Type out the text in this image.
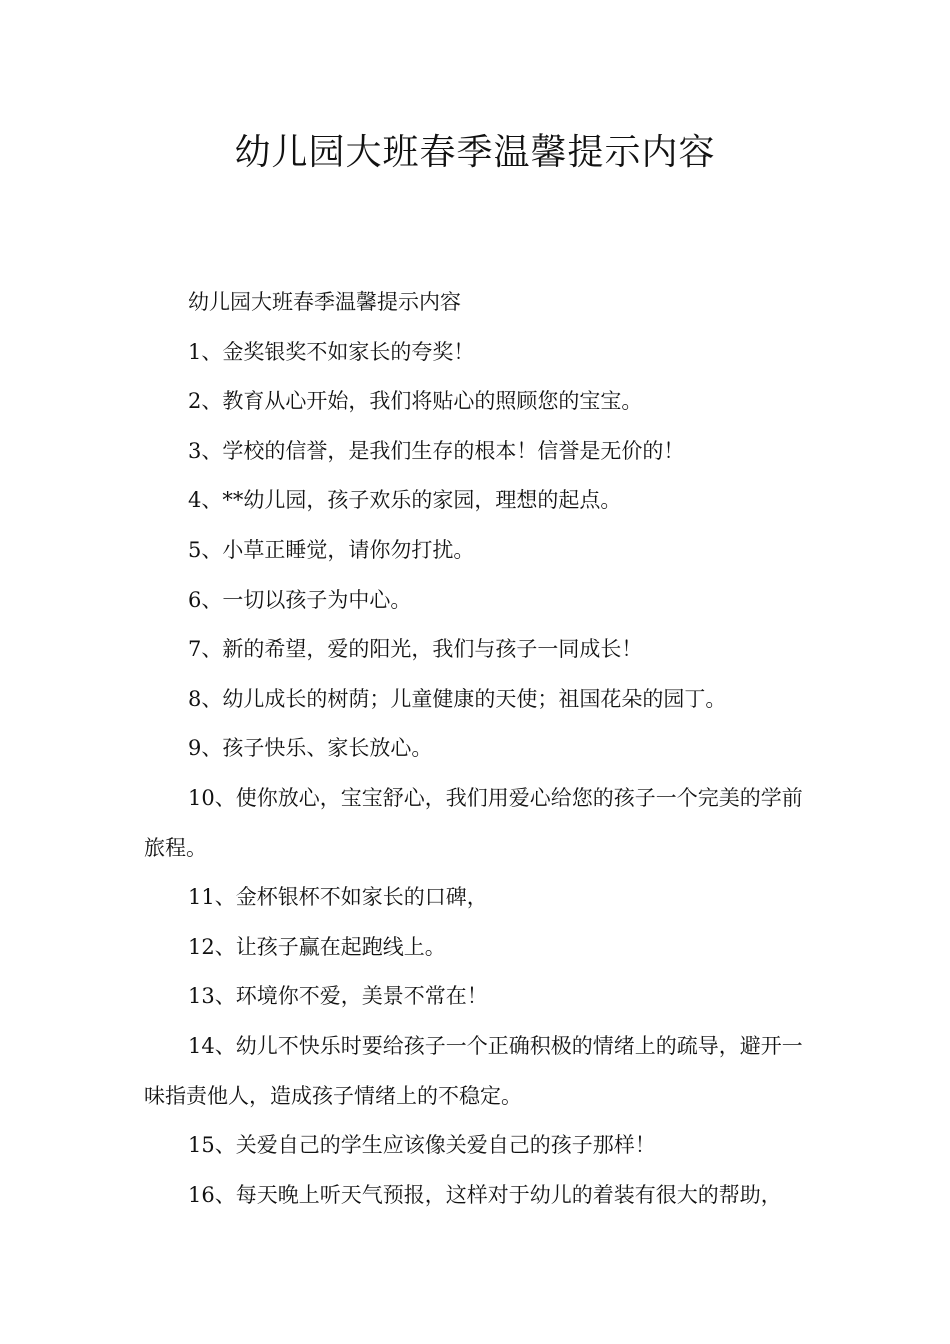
幼儿园大班春季温馨提示内容

幼儿园大班春季温馨提示内容

1、金奖银奖不如家长的夸奖！

2、教育从心开始，我们将贴心的照顾您的宝宝。

3、学校的信誉，是我们生存的根本！信誉是无价的！

4、**幼儿园，孩子欢乐的家园，理想的起点。

5、小草正睡觉，请你勿打扰。

6、一切以孩子为中心。

7、新的希望，爱的阳光，我们与孩子一同成长！

8、幼儿成长的树荫；儿童健康的天使；祖国花朵的园丁。

9、孩子快乐、家长放心。

10、使你放心，宝宝舒心，我们用爱心给您的孩子一个完美的学前旅程。

11、金杯银杯不如家长的口碑，

12、让孩子赢在起跑线上。

13、环境你不爱，美景不常在！

14、幼儿不快乐时要给孩子一个正确积极的情绪上的疏导，避开一味指责他人，造成孩子情绪上的不稳定。

15、关爱自己的学生应该像关爱自己的孩子那样！

16、每天晚上听天气预报，这样对于幼儿的着装有很大的帮助，
